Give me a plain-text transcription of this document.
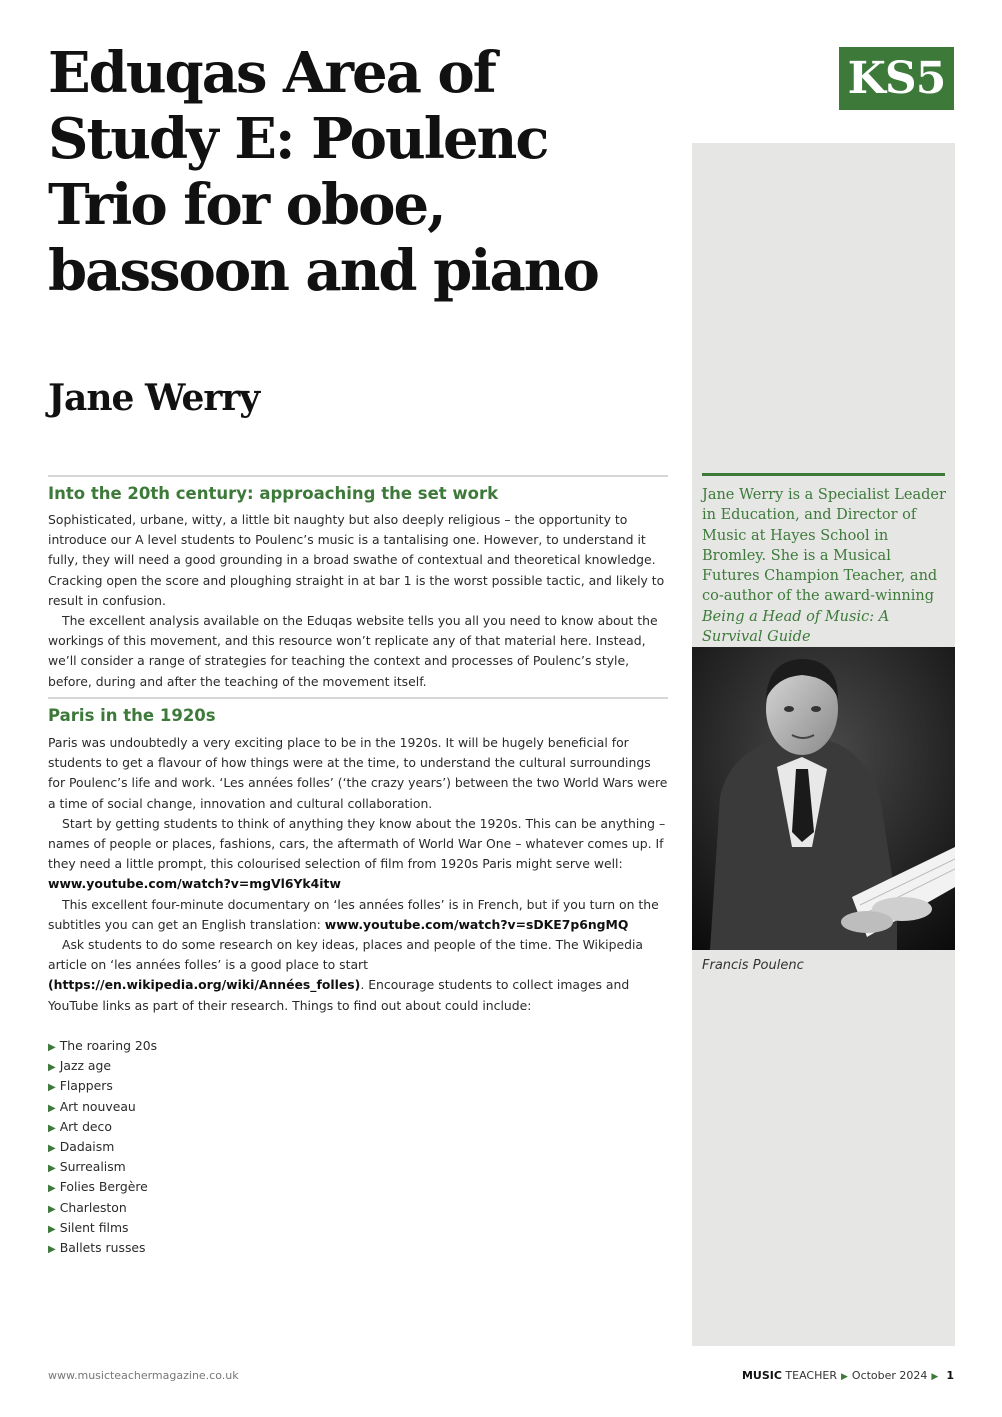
Eduqas Area of Study E: Poulenc Trio for oboe, bassoon and piano
Jane Werry
KS5

Jane Werry is a Specialist Leader in Education, and Director of Music at Hayes School in Bromley. She is a Musical Futures Champion Teacher, and co-author of the award-winning Being a Head of Music: A Survival Guide

Francis Poulenc

Into the 20th century: approaching the set work

Sophisticated, urbane, witty, a little bit naughty but also deeply religious – the opportunity to introduce our A level students to Poulenc’s music is a tantalising one. However, to understand it fully, they will need a good grounding in a broad swathe of contextual and theoretical knowledge. Cracking open the score and ploughing straight in at bar 1 is the worst possible tactic, and likely to result in confusion.
The excellent analysis available on the Eduqas website tells you all you need to know about the workings of this movement, and this resource won’t replicate any of that material here. Instead, we’ll consider a range of strategies for teaching the context and processes of Poulenc’s style, before, during and after the teaching of the movement itself.

Paris in the 1920s

Paris was undoubtedly a very exciting place to be in the 1920s. It will be hugely beneficial for students to get a flavour of how things were at the time, to understand the cultural surroundings for Poulenc’s life and work. ‘Les années folles’ (‘the crazy years’) between the two World Wars were a time of social change, innovation and cultural collaboration.
Start by getting students to think of anything they know about the 1920s. This can be anything – names of people or places, fashions, cars, the aftermath of World War One – whatever comes up. If they need a little prompt, this colourised selection of film from 1920s Paris might serve well: www.youtube.com/watch?v=mgVl6Yk4itw
This excellent four-minute documentary on ‘les années folles’ is in French, but if you turn on the subtitles you can get an English translation: www.youtube.com/watch?v=sDKE7p6ngMQ
Ask students to do some research on key ideas, places and people of the time. The Wikipedia article on ‘les années folles’ is a good place to start (https://en.wikipedia.org/wiki/Années_folles). Encourage students to collect images and YouTube links as part of their research. Things to find out about could include:

▶ The roaring 20s
▶ Jazz age
▶ Flappers
▶ Art nouveau
▶ Art deco
▶ Dadaism
▶ Surrealism
▶ Folies Bergère
▶ Charleston
▶ Silent films
▶ Ballets russes

www.musicteachermagazine.co.uk	MUSIC TEACHER ▶ October 2024 ▶ 1
